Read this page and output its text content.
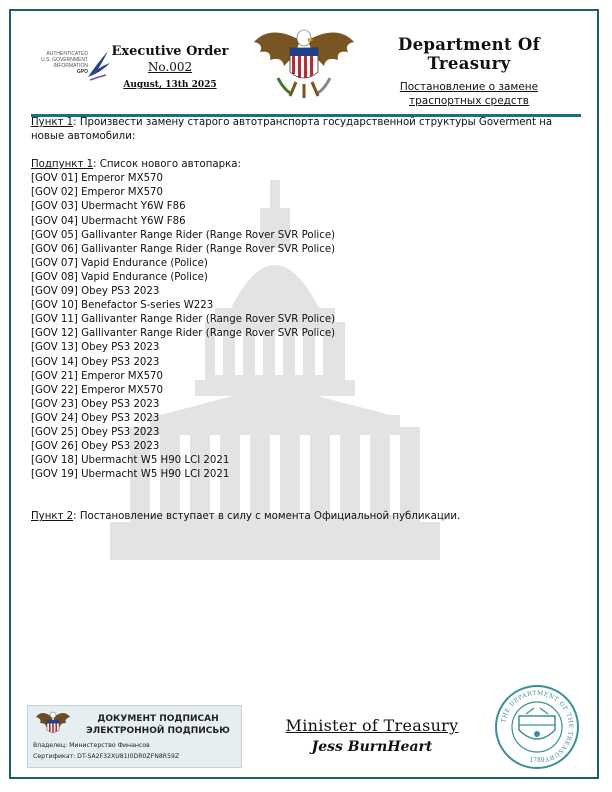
AUTHENTICATED
U.S. GOVERNMENT
INFORMATION
GPO
Executive Order
No.002
August, 13th 2025
Department Of Treasury
Постановление о замене
траспортных средств

Пункт 1: Произвести замену старого автотранспорта государственной структуры Goverment на новые автомобили:

Подпункт 1: Список нового автопарка:

[GOV 01] Emperor MX570

[GOV 02] Emperor MX570

[GOV 03] Ubermacht Y6W F86

[GOV 04] Ubermacht Y6W F86

[GOV 05] Gallivanter Range Rider (Range Rover SVR Police)

[GOV 06] Gallivanter Range Rider (Range Rover SVR Police)

[GOV 07] Vapid Endurance (Police)

[GOV 08] Vapid Endurance (Police)

[GOV 09] Obey PS3 2023

[GOV 10] Benefactor S-series W223

[GOV 11] Gallivanter Range Rider (Range Rover SVR Police)

[GOV 12] Gallivanter Range Rider (Range Rover SVR Police)

[GOV 13] Obey PS3 2023

[GOV 14] Obey PS3 2023

[GOV 21] Emperor MX570

[GOV 22] Emperor MX570

[GOV 23] Obey PS3 2023

[GOV 24] Obey PS3 2023

[GOV 25] Obey PS3 2023

[GOV 26] Obey PS3 2023

[GOV 18] Ubermacht W5 H90 LCI 2021

[GOV 19] Ubermacht W5 H90 LCI 2021

Пункт 2: Постановление вступает в силу с момента Официальной публикации.

ДОКУМЕНТ ПОДПИСАН
ЭЛЕКТРОННОЙ ПОДПИСЬЮ
Владелец: Министерство Финансов
Сертификат: DT-SA2F32XU81I0DR0ZFN8R59Z
Minister of Treasury
Jess BurnHeart
THE DEPARTMENT OF THE TREASURY
1789
